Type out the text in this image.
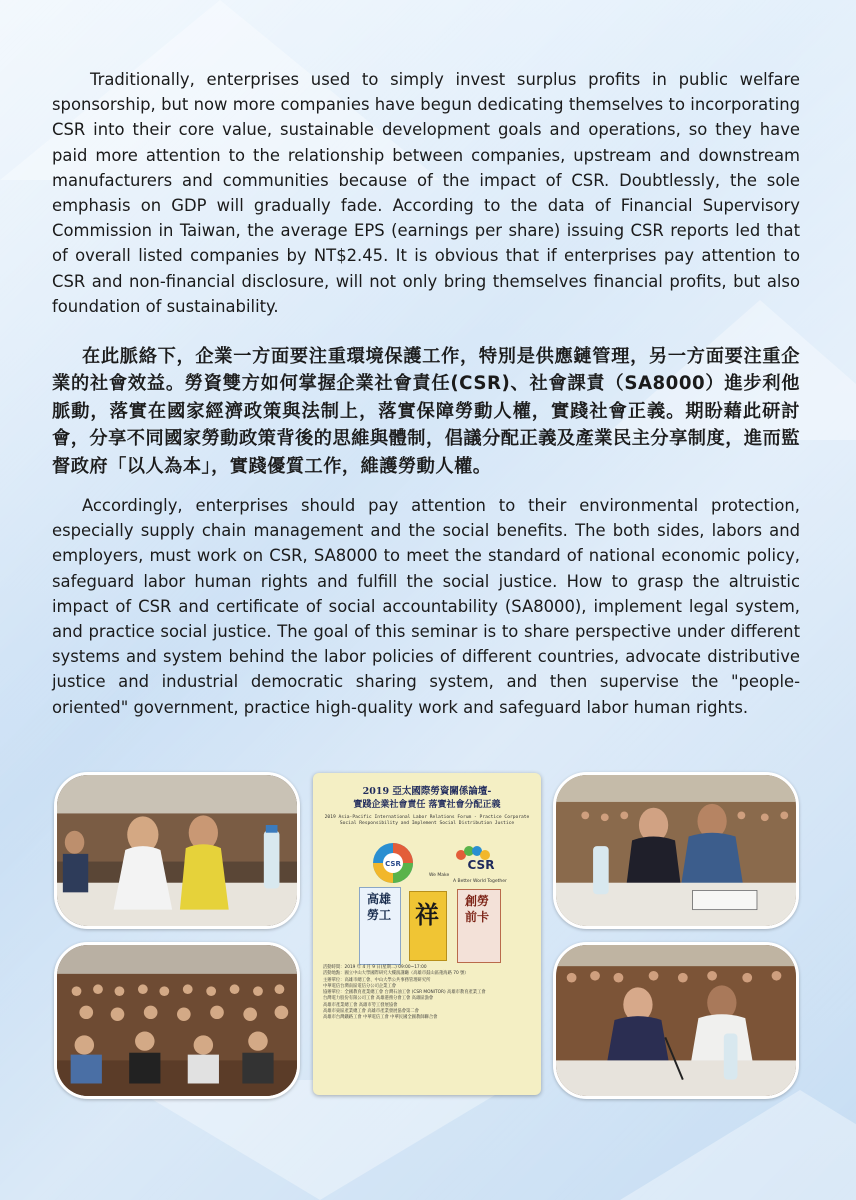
Traditionally, enterprises used to simply invest surplus profits in public welfare sponsorship, but now more companies have begun dedicating themselves to incorporating CSR into their core value, sustainable development goals and operations, so they have paid more attention to the relationship between companies, upstream and downstream manufacturers and communities because of the impact of CSR. Doubtlessly, the sole emphasis on GDP will gradually fade. According to the data of Financial Supervisory Commission in Taiwan, the average EPS (earnings per share) issuing CSR reports led that of overall listed companies by NT$2.45. It is obvious that if enterprises pay attention to CSR and non-financial disclosure, will not only bring themselves financial profits, but also foundation of sustainability.

在此脈絡下，企業一方面要注重環境保護工作，特別是供應鏈管理，另一方面要注重企業的社會效益。勞資雙方如何掌握企業社會責任(CSR)、社會課責（SA8000）進步利他脈動，落實在國家經濟政策與法制上，落實保障勞動人權，實踐社會正義。期盼藉此研討會，分享不同國家勞動政策背後的思維與體制，倡議分配正義及產業民主分享制度，進而監督政府「以人為本」，實踐優質工作，維護勞動人權。

Accordingly, enterprises should pay attention to their environmental protection, especially supply chain management and the social benefits. The both sides, labors and employers, must work on CSR, SA8000 to meet the standard of national economic policy, safeguard labor human rights and fulfill the social justice. How to grasp the altruistic impact of CSR and certificate of social accountability (SA8000), implement legal system, and practice social justice. The goal of this seminar is to share perspective under different systems and system behind the labor policies of different countries, advocate distributive justice and industrial democratic sharing system, and then supervise the "people-oriented" government, practice high-quality work and safeguard labor human rights.

2019 亞太國際勞資關係論壇-
實踐企業社會責任 落實社會分配正義
2019 Asia-Pacific International Labor Relations Forum - Practice Corporate Social Responsibility and Implement Social Distribution Justice
CSR	CSR
We Make
A Better World Together
高雄勞工 祥 創勞前卡
活動時間：2019 年 4 月 9 日(星期二) 09:00~17:00
活動地點：國立中山大學國際研究大樓演講廳（高雄市鼓山區蓮海路 70 號）
主辦單位：高雄市總工會、中山大學公共事務管理研究所
中華電信台灣南區電信分公司企業工會
協辦單位：全國教育產業總工會 台灣石油工會 (CSR MONITOR) 高雄市教育產業工會
台灣電力股份有限公司工會 高雄港務分會工會 高雄區漁會
高雄市產業總工會 高雄市勞工發展協會
高雄市東區產業總工會 高雄市產業發展協會第二會
高雄市台灣鐵路工會 中華電信工會 中華民國全國教師聯合會
